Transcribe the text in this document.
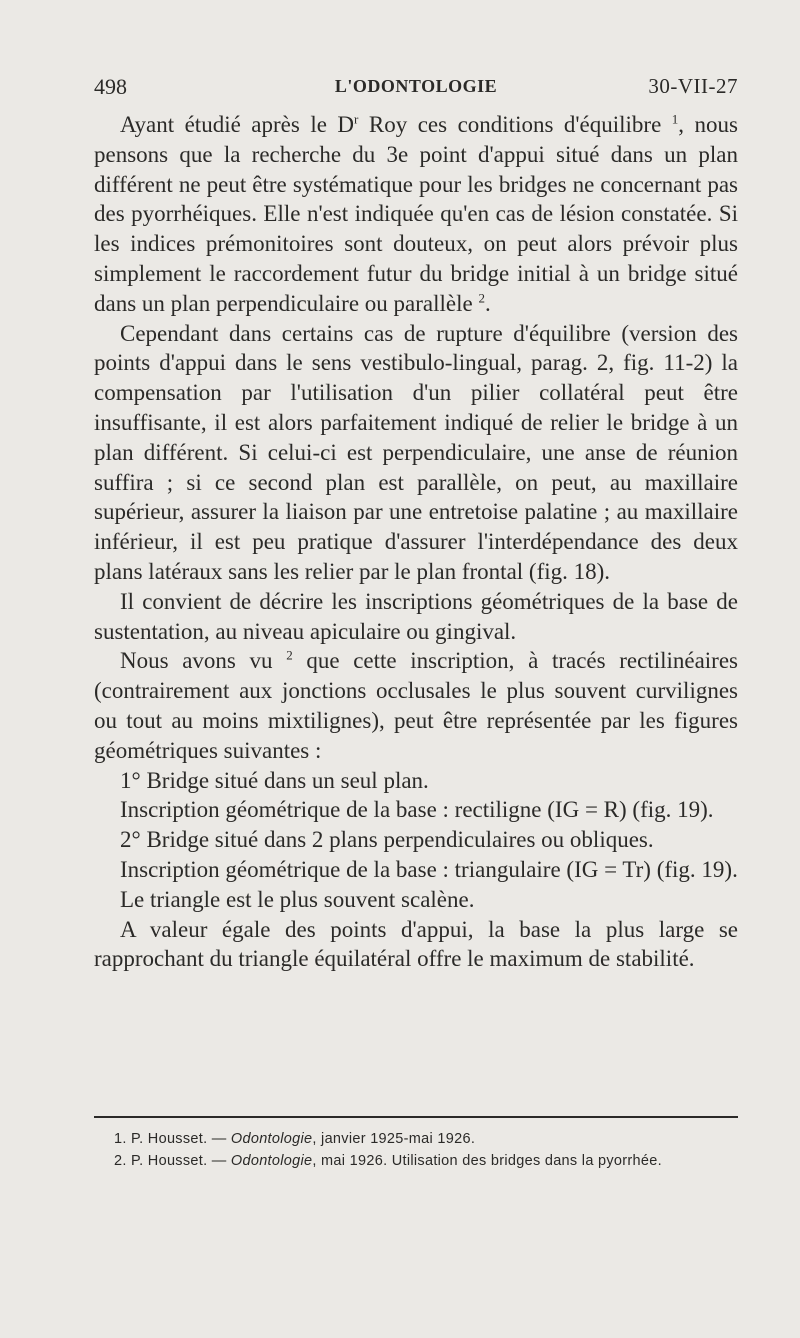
498	L'ODONTOLOGIE	30-VII-27

Ayant étudié après le $D^r$ Roy ces conditions d'équilibre $^1$, nous pensons que la recherche du 3e point d'appui situé dans un plan différent ne peut être systématique pour les bridges ne concernant pas des pyorrhéiques. Elle n'est indiquée qu'en cas de lésion constatée. Si les indices prémonitoires sont douteux, on peut alors prévoir plus simplement le raccordement futur du bridge initial à un bridge situé dans un plan perpendiculaire ou parallèle $^2$.

Cependant dans certains cas de rupture d'équilibre (version des points d'appui dans le sens vestibulo-lingual, parag. 2, fig. 11-2) la compensation par l'utilisation d'un pilier collatéral peut être insuffisante, il est alors parfaitement indiqué de relier le bridge à un plan différent. Si celui-ci est perpendiculaire, une anse de réunion suffira ; si ce second plan est parallèle, on peut, au maxillaire supérieur, assurer la liaison par une entretoise palatine ; au maxillaire inférieur, il est peu pratique d'assurer l'interdépendance des deux plans latéraux sans les relier par le plan frontal (fig. 18).

Il convient de décrire les inscriptions géométriques de la base de sustentation, au niveau apiculaire ou gingival.

Nous avons vu $^2$ que cette inscription, à tracés rectilinéaires (contrairement aux jonctions occlusales le plus souvent curvilignes ou tout au moins mixtilignes), peut être représentée par les figures géométriques suivantes :

1° Bridge situé dans un seul plan.

Inscription géométrique de la base : rectiligne (IG = R) (fig. 19).

2° Bridge situé dans 2 plans perpendiculaires ou obliques.

Inscription géométrique de la base : triangulaire (IG = Tr) (fig. 19).

Le triangle est le plus souvent scalène.

A valeur égale des points d'appui, la base la plus large se rapprochant du triangle équilatéral offre le maximum de stabilité.

1. P. Housset. — Odontologie, janvier 1925-mai 1926.

2. P. Housset. — Odontologie, mai 1926. Utilisation des bridges dans la pyorrhée.
